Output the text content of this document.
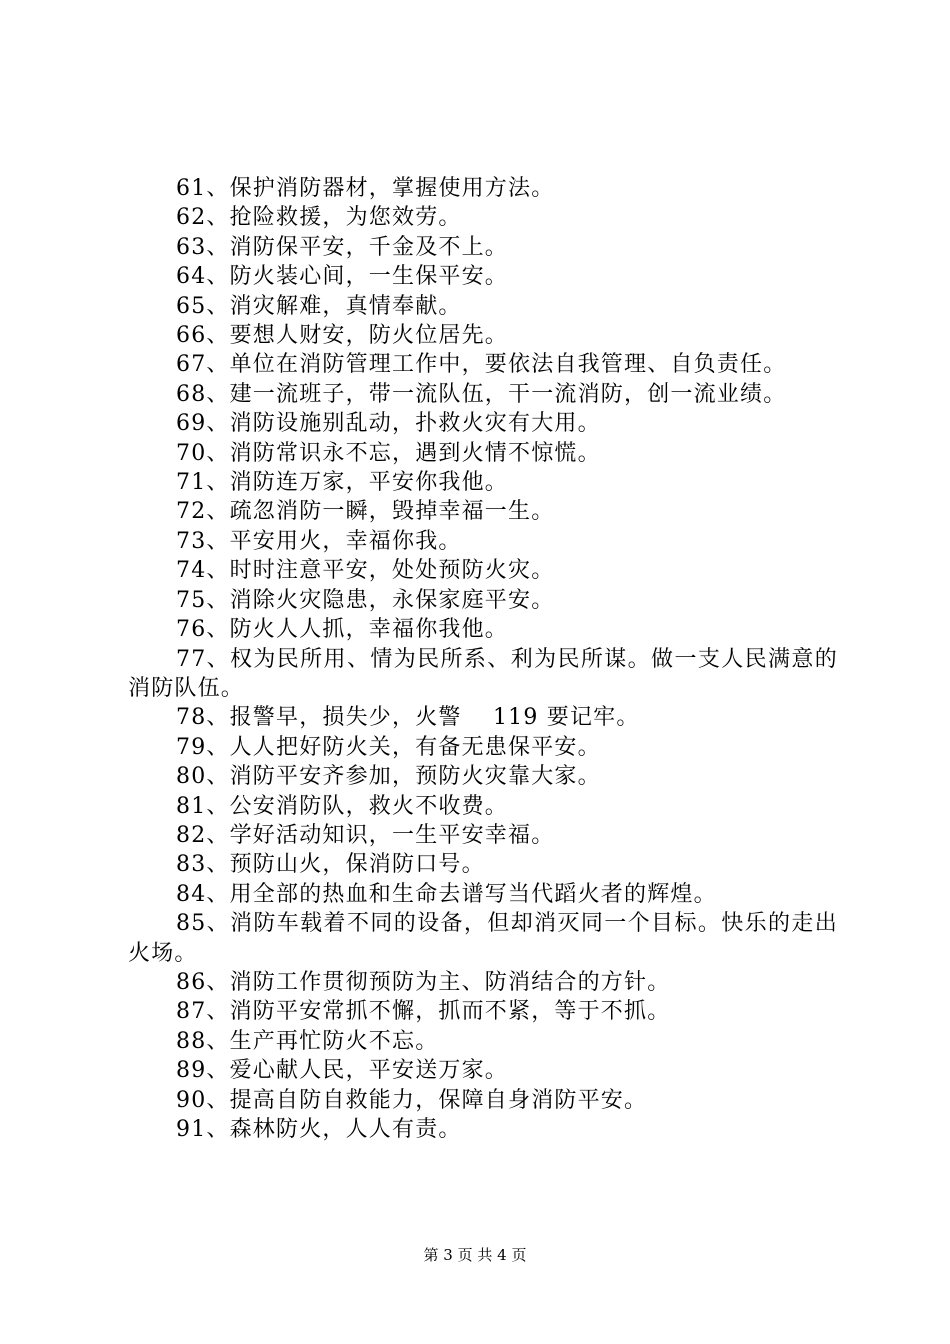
61、保护消防器材，掌握使用方法。

62、抢险救援，为您效劳。

63、消防保平安，千金及不上。

64、防火装心间，一生保平安。

65、消灾解难，真情奉献。

66、要想人财安，防火位居先。

67、单位在消防管理工作中，要依法自我管理、自负责任。

68、建一流班子，带一流队伍，干一流消防，创一流业绩。

69、消防设施别乱动，扑救火灾有大用。

70、消防常识永不忘，遇到火情不惊慌。

71、消防连万家，平安你我他。

72、疏忽消防一瞬，毁掉幸福一生。

73、平安用火，幸福你我。

74、时时注意平安，处处预防火灾。

75、消除火灾隐患，永保家庭平安。

76、防火人人抓，幸福你我他。

77、权为民所用、情为民所系、利为民所谋。做一支人民满意的消防队伍。

78、报警早，损失少，火警　 119 要记牢。

79、人人把好防火关，有备无患保平安。

80、消防平安齐参加，预防火灾靠大家。

81、公安消防队，救火不收费。

82、学好活动知识，一生平安幸福。

83、预防山火，保消防口号。

84、用全部的热血和生命去谱写当代蹈火者的辉煌。

85、消防车载着不同的设备，但却消灭同一个目标。快乐的走出火场。

86、消防工作贯彻预防为主、防消结合的方针。

87、消防平安常抓不懈，抓而不紧，等于不抓。

88、生产再忙防火不忘。

89、爱心献人民，平安送万家。

90、提高自防自救能力，保障自身消防平安。

91、森林防火，人人有责。

第 3 页 共 4 页
